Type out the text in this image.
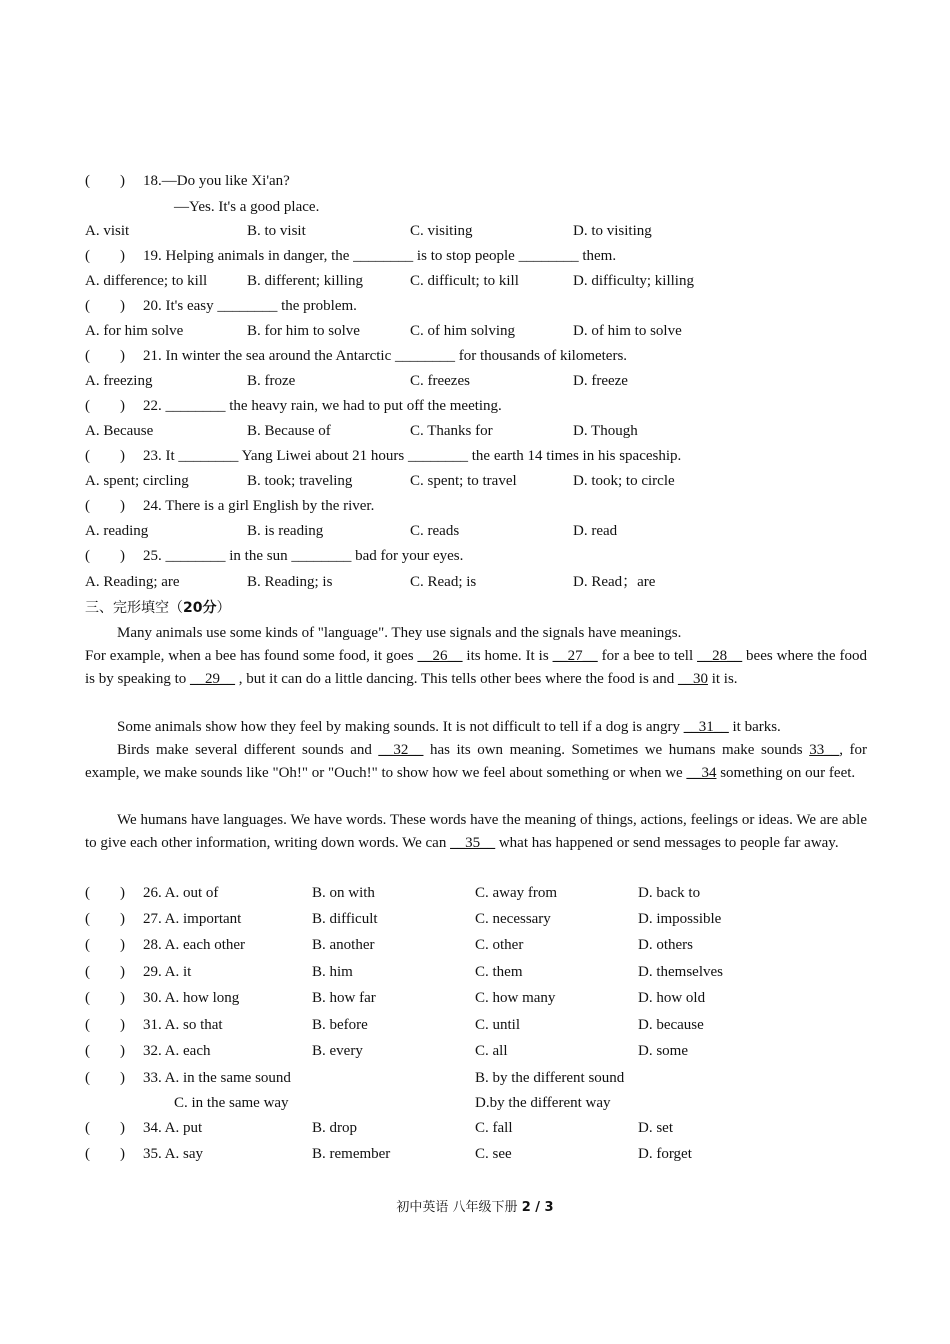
(　　) 18.—Do you like Xi'an?
—Yes. It's a good place.
A. visit	B. to visit	C. visiting	D. to visiting
(　　) 19. Helping animals in danger, the ________ is to stop people ________ them.
A. difference; to kill	B. different; killing	C. difficult; to kill	D. difficulty; killing
(　　) 20. It's easy ________ the problem.
A. for him solve	B. for him to solve	C. of him solving	D. of him to solve
(　　) 21. In winter the sea around the Antarctic ________ for thousands of kilometers.
A. freezing	B. froze	C. freezes	D. freeze
(　　) 22. ________ the heavy rain, we had to put off the meeting.
A. Because	B. Because of	C. Thanks for	D. Though
(　　) 23. It ________ Yang Liwei about 21 hours ________ the earth 14 times in his spaceship.
A. spent; circling	B. took; traveling	C. spent; to travel	D. took; to circle
(　　) 24. There is a girl English by the river.
A. reading	B. is reading	C. reads	D. read
(　　) 25. ________ in the sun ________ bad for your eyes.
A. Reading; are	B. Reading; is	C. Read; is	D. Read；are
三、完形填空（20分）
Many animals use some kinds of "language". They use signals and the signals have meanings.
For example, when a bee has found some food, it goes __26__ its home. It is __27__ for a bee to tell __28__ bees where the food is by speaking to __29__ , but it can do a little dancing. This tells other bees where the food is and __30 it is.
Some animals show how they feel by making sounds. It is not difficult to tell if a dog is angry __31__ it barks.
Birds make several different sounds and __32__ has its own meaning. Sometimes we humans make sounds 33__, for example, we make sounds like "Oh!" or "Ouch!" to show how we feel about something or when we __34 something on our feet.
We humans have languages. We have words. These words have the meaning of things, actions, feelings or ideas. We are able to give each other information, writing down words. We can __35__ what has happened or send messages to people far away.
(　　) 26. A. out of	B. on with	C. away from	D. back to
(　　) 27. A. important	B. difficult	C. necessary	D. impossible
(　　) 28. A. each other	B. another	C. other	D. others
(　　) 29. A. it	B. him	C. them	D. themselves
(　　) 30. A. how long	B. how far	C. how many	D. how old
(　　) 31. A. so that	B. before	C. until	D. because
(　　) 32. A. each	B. every	C. all	D. some
(　　) 33. A. in the same sound	B. by the different sound
C. in the same way	D.by the different way
(　　) 34. A. put	B. drop	C. fall	D. set
(　　) 35. A. say	B. remember	C. see	D. forget
初中英语 八年级下册 2 / 3
